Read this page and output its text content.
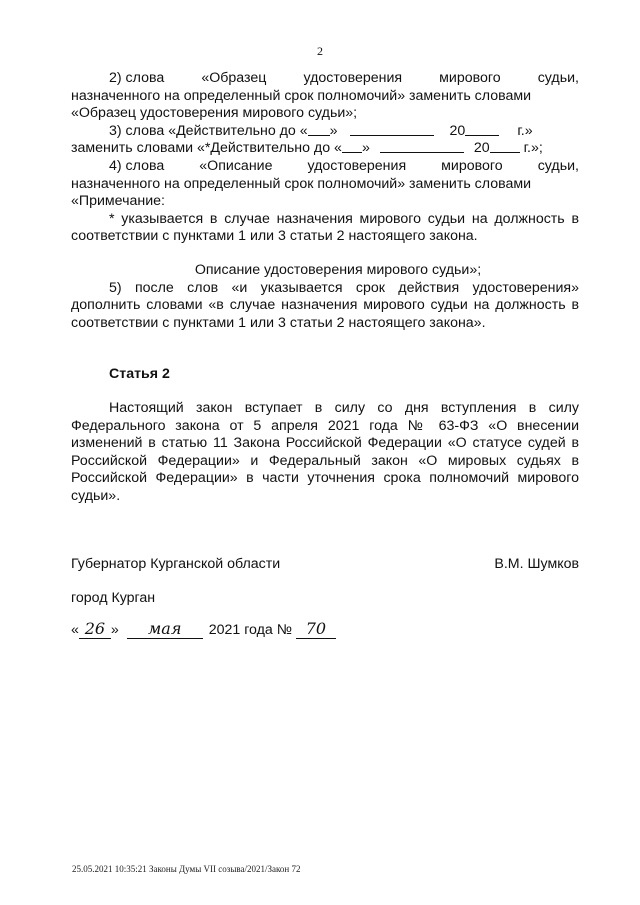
2
2) слова	«Образец	удостоверения	мирового	судьи,
назначенного на определенный срок полномочий» заменить словами
«Образец удостоверения мирового судьи»;
3) слова «Действительно до « »	20	г.»
заменить словами «*Действительно до « »	20 г.»;
4) слова «Описание удостоверения мирового судьи,
назначенного на определенный срок полномочий» заменить словами
«Примечание:

* указывается в случае назначения мирового судьи на должность в соответствии с пунктами 1 или 3 статьи 2 настоящего закона.

Описание удостоверения мирового судьи»;

5) после слов «и указывается срок действия удостоверения» дополнить словами «в случае назначения мирового судьи на должность в соответствии с пунктами 1 или 3 статьи 2 настоящего закона».

Статья 2

Настоящий закон вступает в силу со дня вступления в силу Федерального закона от 5 апреля 2021 года № 63-ФЗ «О внесении изменений в статью 11 Закона Российской Федерации «О статусе судей в Российской Федерации» и Федеральный закон «О мировых судьях в Российской Федерации» в части уточнения срока полномочий мирового судьи».

Губернатор Курганской области	В.М. Шумков
город Курган
« 26 » мая 2021 года № 70
25.05.2021 10:35:21 Законы Думы VII созыва/2021/Закон 72
